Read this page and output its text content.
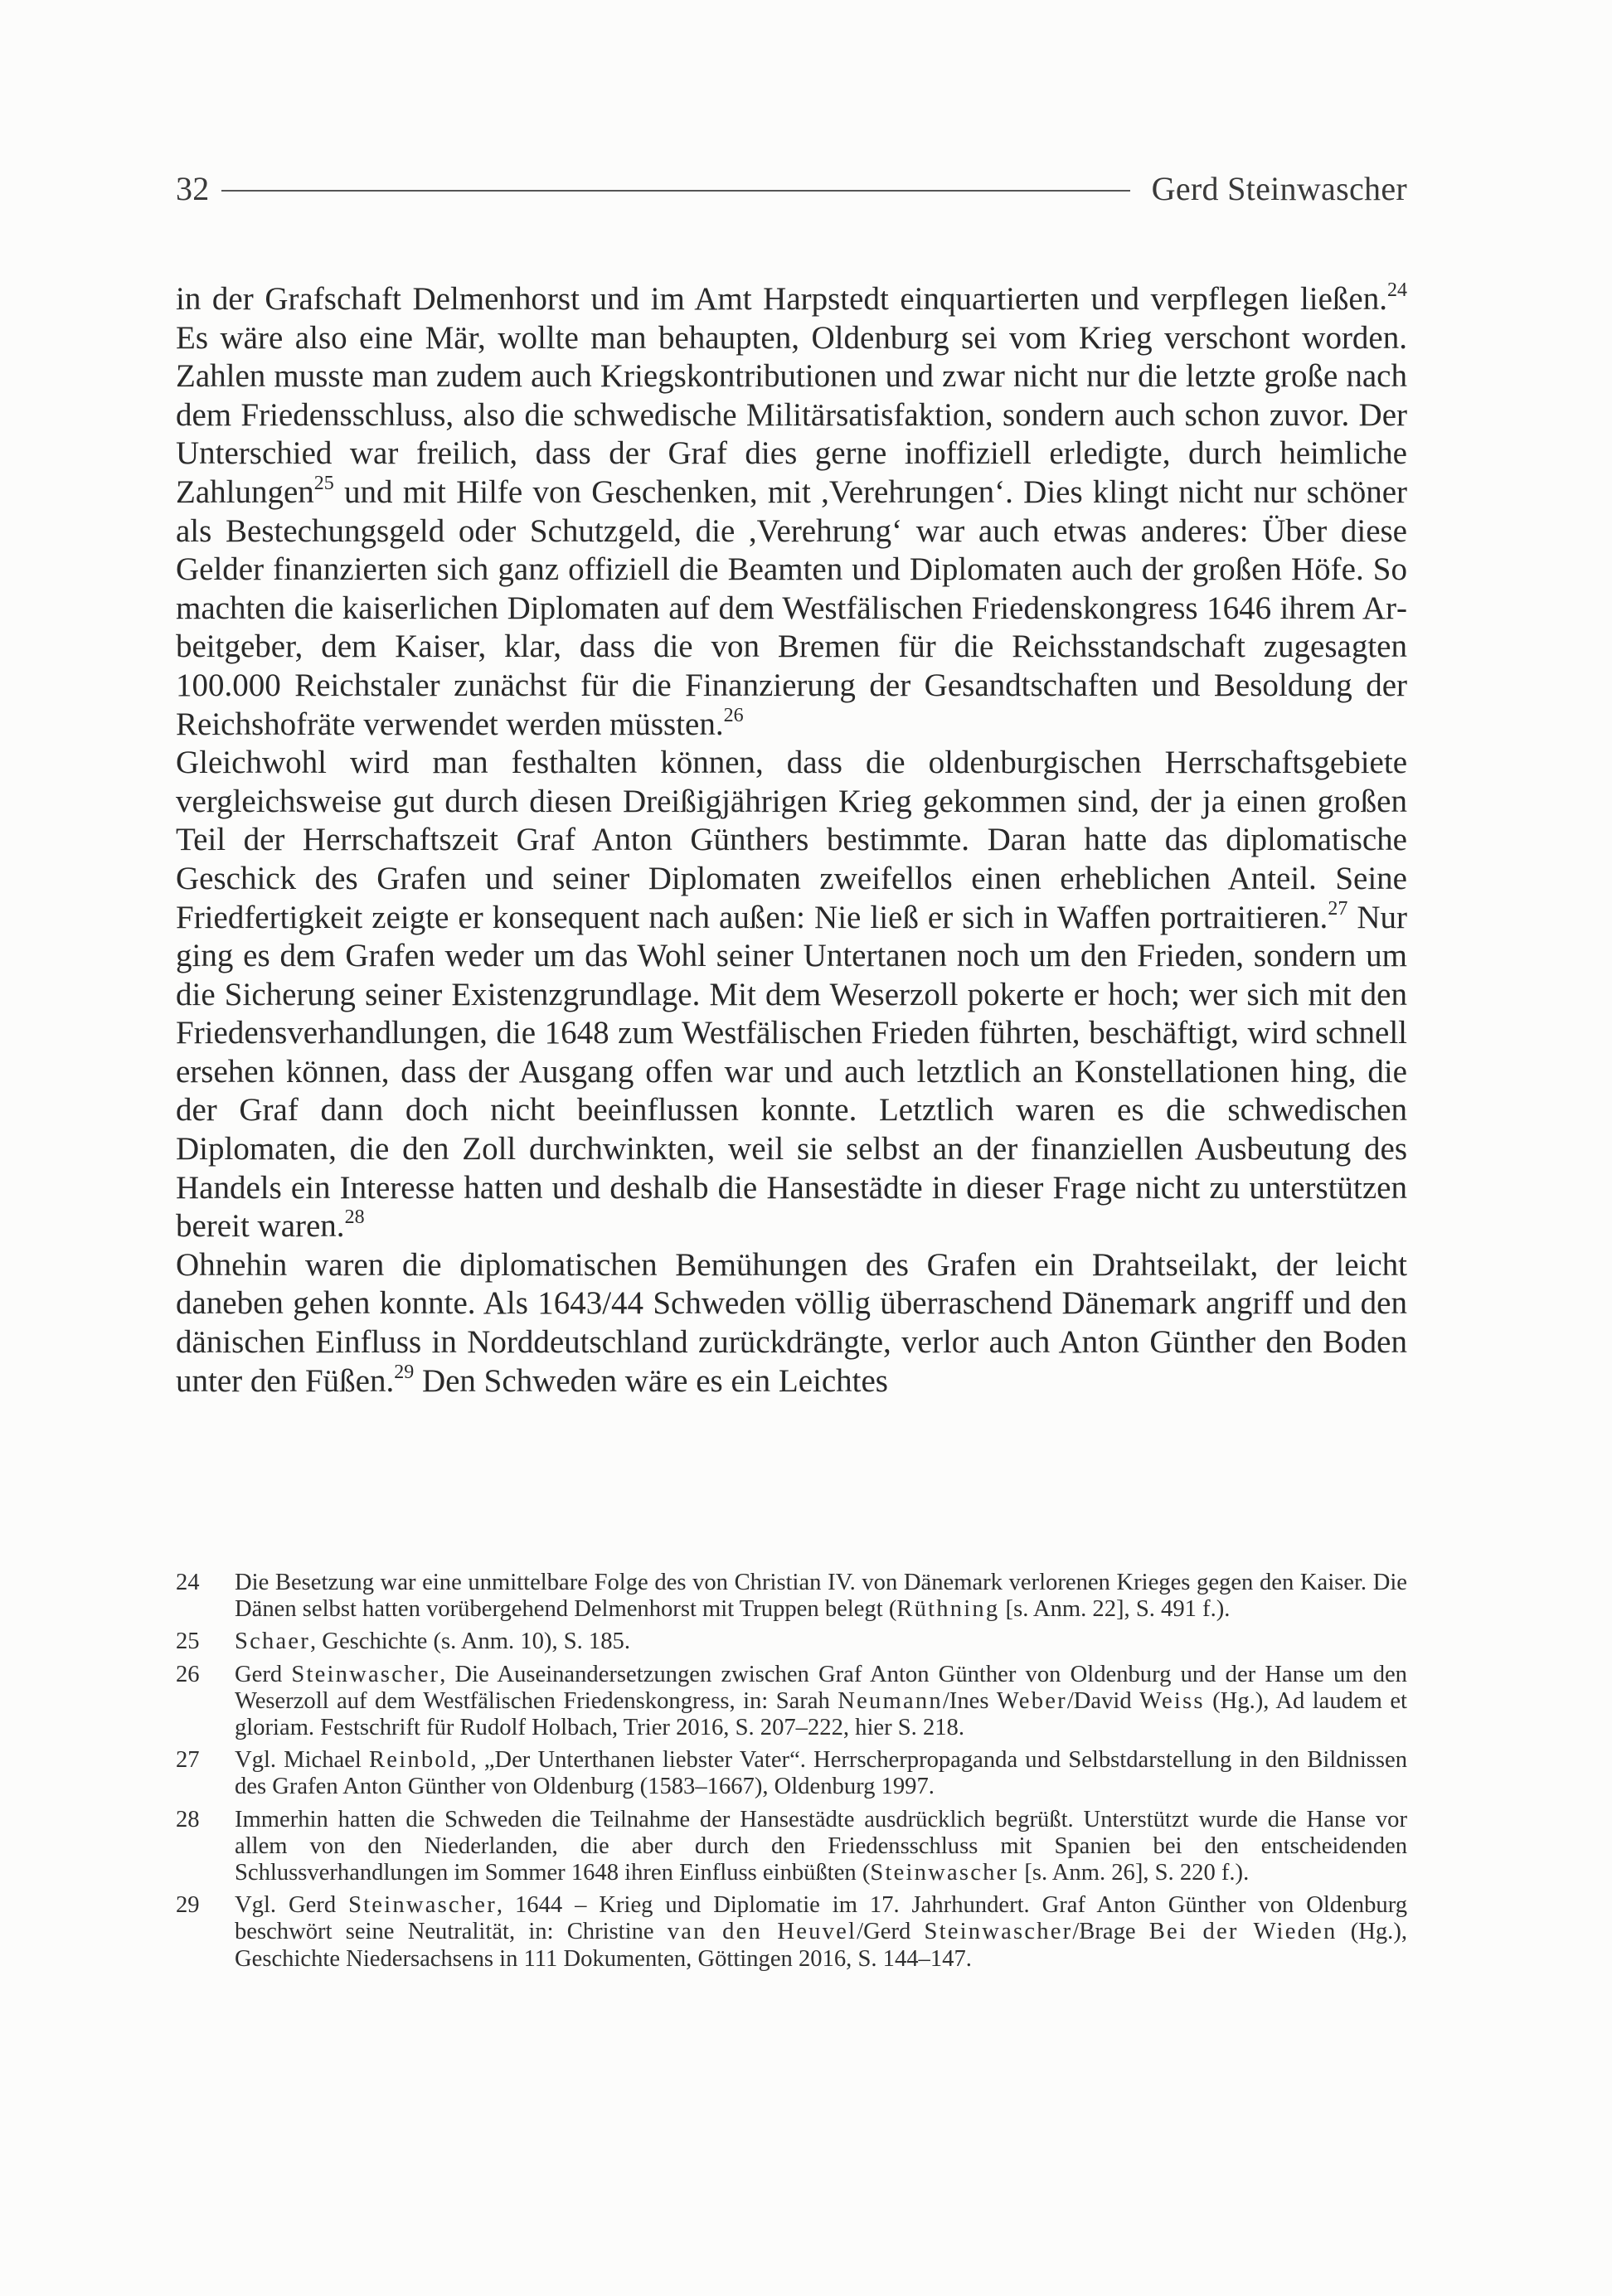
32	Gerd Steinwascher

in der Grafschaft Delmenhorst und im Amt Harpstedt einquartierten und verpflegen ließen.$^{24}$ Es wäre also eine Mär, wollte man behaupten, Oldenburg sei vom Krieg verschont worden. Zahlen musste man zudem auch Kriegskontributionen und zwar nicht nur die letzte große nach dem Friedensschluss, also die schwedische Militärsatisfaktion, sondern auch schon zuvor. Der Unterschied war freilich, dass der Graf dies gerne inoffiziell erledigte, durch heimliche Zahlungen$^{25}$ und mit Hilfe von Geschenken, mit ,Verehrungen‘. Dies klingt nicht nur schöner als Bestechungsgeld oder Schutzgeld, die ,Verehrung‘ war auch etwas anderes: Über diese Gelder finanzierten sich ganz offiziell die Beamten und Diplomaten auch der großen Höfe. So machten die kaiserlichen Diplomaten auf dem Westfälischen Friedenskongress 1646 ihrem Arbeitgeber, dem Kaiser, klar, dass die von Bremen für die Reichsstandschaft zugesagten 100.000 Reichstaler zunächst für die Finanzierung der Gesandtschaften und Besoldung der Reichshofräte verwendet werden müssten.$^{26}$

Gleichwohl wird man festhalten können, dass die oldenburgischen Herrschaftsgebiete vergleichsweise gut durch diesen Dreißigjährigen Krieg gekommen sind, der ja einen großen Teil der Herrschaftszeit Graf Anton Günthers bestimmte. Daran hatte das diplomatische Geschick des Grafen und seiner Diplomaten zweifellos einen erheblichen Anteil. Seine Friedfertigkeit zeigte er konsequent nach außen: Nie ließ er sich in Waffen portraitieren.$^{27}$ Nur ging es dem Grafen weder um das Wohl seiner Untertanen noch um den Frieden, sondern um die Sicherung seiner Existenzgrundlage. Mit dem Weserzoll pokerte er hoch; wer sich mit den Friedensverhandlungen, die 1648 zum Westfälischen Frieden führten, beschäftigt, wird schnell ersehen können, dass der Ausgang offen war und auch letztlich an Konstellationen hing, die der Graf dann doch nicht beeinflussen konnte. Letztlich waren es die schwedischen Diplomaten, die den Zoll durchwinkten, weil sie selbst an der finanziellen Ausbeutung des Handels ein Interesse hatten und deshalb die Hansestädte in dieser Frage nicht zu unterstützen bereit waren.$^{28}$

Ohnehin waren die diplomatischen Bemühungen des Grafen ein Drahtseilakt, der leicht daneben gehen konnte. Als 1643/44 Schweden völlig überraschend Dänemark angriff und den dänischen Einfluss in Norddeutschland zurückdrängte, verlor auch Anton Günther den Boden unter den Füßen.$^{29}$ Den Schweden wäre es ein Leichtes

24	Die Besetzung war eine unmittelbare Folge des von Christian IV. von Dänemark verlorenen Krieges gegen den Kaiser. Die Dänen selbst hatten vorübergehend Delmenhorst mit Truppen belegt (Rüthning [s. Anm. 22], S. 491 f.).
25	Schaer, Geschichte (s. Anm. 10), S. 185.
26	Gerd Steinwascher, Die Auseinandersetzungen zwischen Graf Anton Günther von Oldenburg und der Hanse um den Weserzoll auf dem Westfälischen Friedenskongress, in: Sarah Neumann/Ines Weber/David Weiss (Hg.), Ad laudem et gloriam. Festschrift für Rudolf Holbach, Trier 2016, S. 207–222, hier S. 218.
27	Vgl. Michael Reinbold, „Der Unterthanen liebster Vater“. Herrscherpropaganda und Selbstdarstellung in den Bildnissen des Grafen Anton Günther von Oldenburg (1583–1667), Oldenburg 1997.
28	Immerhin hatten die Schweden die Teilnahme der Hansestädte ausdrücklich begrüßt. Unterstützt wurde die Hanse vor allem von den Niederlanden, die aber durch den Friedensschluss mit Spanien bei den entscheidenden Schlussverhandlungen im Sommer 1648 ihren Einfluss einbüßten (Steinwascher [s. Anm. 26], S. 220 f.).
29	Vgl. Gerd Steinwascher, 1644 – Krieg und Diplomatie im 17. Jahrhundert. Graf Anton Günther von Oldenburg beschwört seine Neutralität, in: Christine van den Heuvel/Gerd Steinwascher/Brage Bei der Wieden (Hg.), Geschichte Niedersachsens in 111 Dokumenten, Göttingen 2016, S. 144–147.
